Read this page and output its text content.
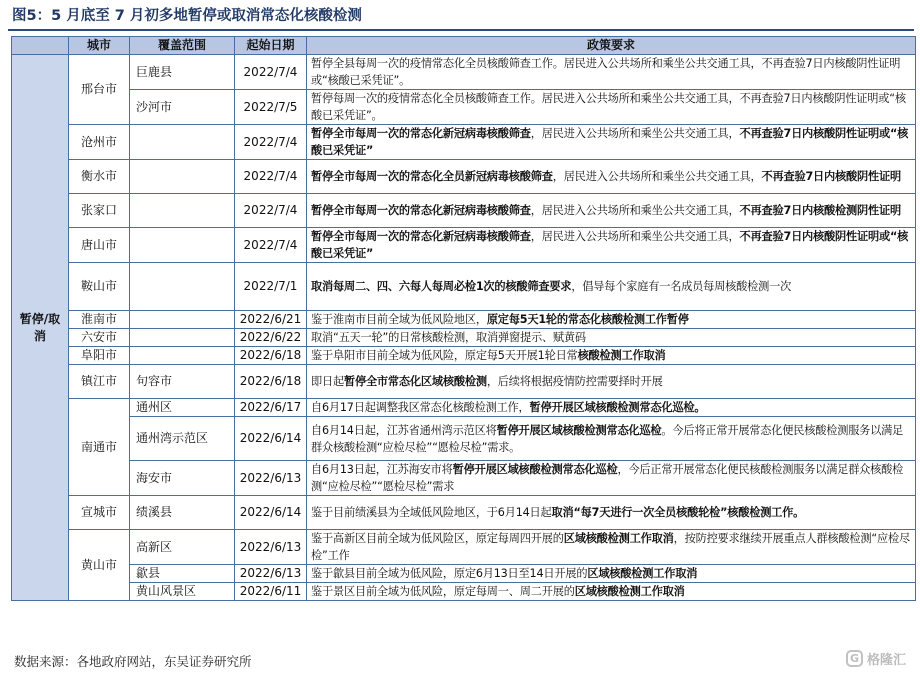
图5：5 月底至 7 月初多地暂停或取消常态化核酸检测
	城市	覆盖范围	起始日期	政策要求
暂停/取消	邢台市	巨鹿县	2022/7/4	暂停全县每周一次的疫情常态化全员核酸筛查工作。居民进入公共场所和乘坐公共交通工具，不再查验7日内核酸阴性证明或“核酸已采凭证”。
		沙河市	2022/7/5	暂停每周一次的疫情常态化全员核酸筛查工作。居民进入公共场所和乘坐公共交通工具，不再查验7日内核酸阴性证明或“核酸已采凭证”。
	沧州市		2022/7/4	暂停全市每周一次的常态化新冠病毒核酸筛查，居民进入公共场所和乘坐公共交通工具，不再查验7日内核酸阴性证明或“核酸已采凭证”
	衡水市		2022/7/4	暂停全市每周一次的常态化全员新冠病毒核酸筛查，居民进入公共场所和乘坐公共交通工具，不再查验7日内核酸阴性证明
	张家口		2022/7/4	暂停全市每周一次的常态化新冠病毒核酸筛查，居民进入公共场所和乘坐公共交通工具，不再查验7日内核酸检测阴性证明
	唐山市		2022/7/4	暂停全市每周一次的常态化新冠病毒核酸筛查，居民进入公共场所和乘坐公共交通工具，不再查验7日内核酸阴性证明或“核酸已采凭证”
	鞍山市		2022/7/1	取消每周二、四、六每人每周必检1次的核酸筛查要求，倡导每个家庭有一名成员每周核酸检测一次
	淮南市		2022/6/21	鉴于淮南市目前全域为低风险地区，原定每5天1轮的常态化核酸检测工作暂停
	六安市		2022/6/22	取消“五天一轮”的日常核酸检测，取消弹窗提示、赋黄码
	阜阳市		2022/6/18	鉴于阜阳市目前全域为低风险，原定每5天开展1轮日常核酸检测工作取消
	镇江市	句容市	2022/6/18	即日起暂停全市常态化区域核酸检测，后续将根据疫情防控需要择时开展
	南通市	通州区	2022/6/17	自6月17日起调整我区常态化核酸检测工作，暂停开展区域核酸检测常态化巡检。
		通州湾示范区	2022/6/14	自6月14日起，江苏省通州湾示范区将暂停开展区域核酸检测常态化巡检。今后将正常开展常态化便民核酸检测服务以满足群众核酸检测“应检尽检”“愿检尽检”需求。
		海安市	2022/6/13	自6月13日起，江苏海安市将暂停开展区域核酸检测常态化巡检，今后正常开展常态化便民核酸检测服务以满足群众核酸检测“应检尽检”“愿检尽检”需求
	宣城市	绩溪县	2022/6/14	鉴于目前绩溪县为全域低风险地区，于6月14日起取消“每7天进行一次全员核酸轮检”核酸检测工作。
	黄山市	高新区	2022/6/13	鉴于高新区目前全域为低风险区，原定每周四开展的区域核酸检测工作取消，按防控要求继续开展重点人群核酸检测“应检尽检”工作
		歙县	2022/6/13	鉴于歙县目前全域为低风险，原定6月13日至14日开展的区域核酸检测工作取消
		黄山风景区	2022/6/11	鉴于景区目前全域为低风险，原定每周一、周二开展的区域核酸检测工作取消
数据来源：各地政府网站，东吴证券研究所	G 格隆汇
